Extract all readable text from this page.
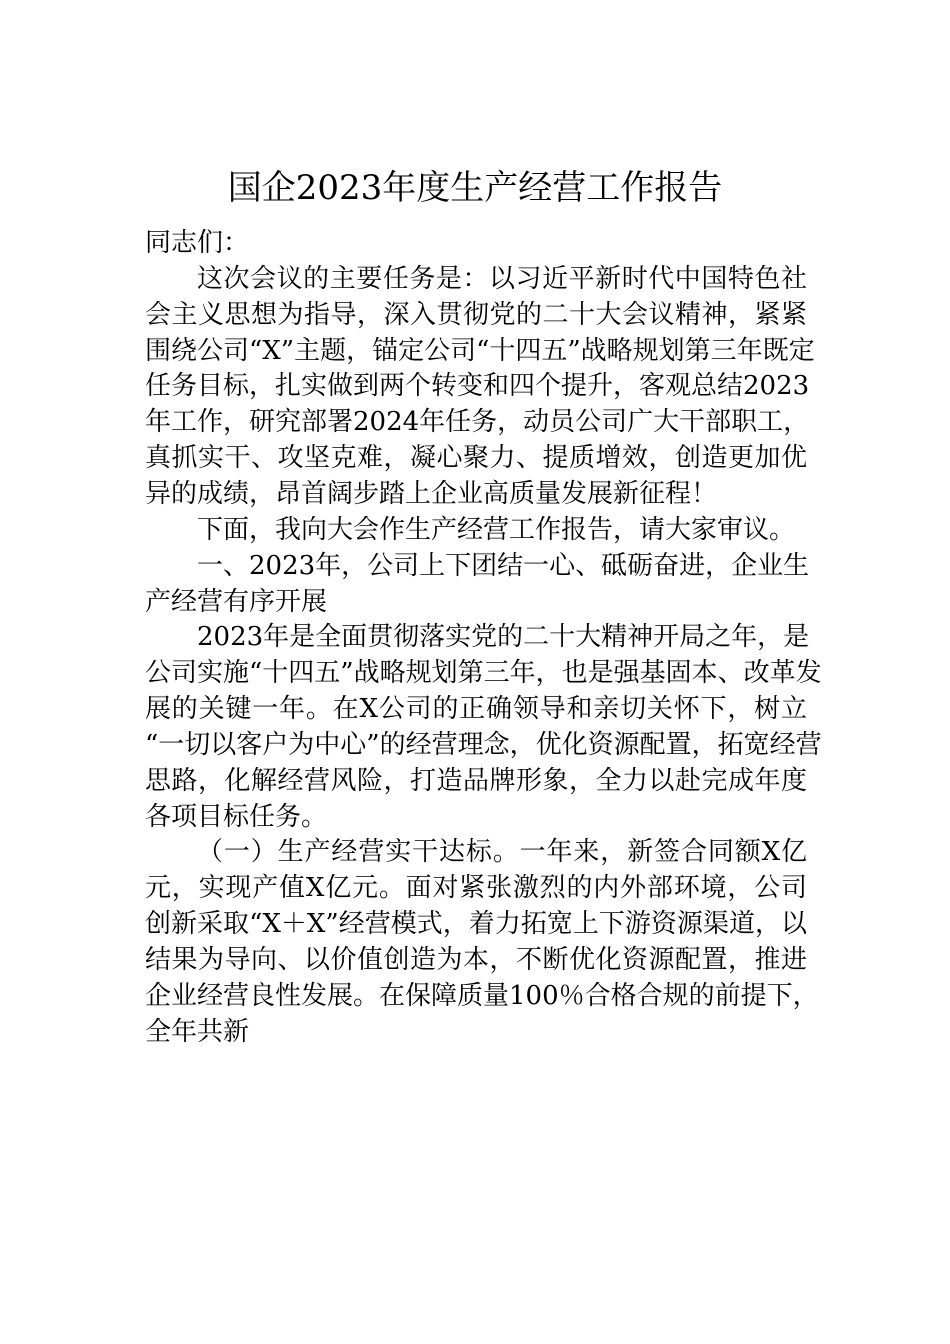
国企2023年度生产经营工作报告
同志们：
这次会议的主要任务是：以习近平新时代中国特色社
会主义思想为指导，深入贯彻党的二十大会议精神，紧紧
围绕公司“X”主题，锚定公司“十四五”战略规划第三年既定
任务目标，扎实做到两个转变和四个提升，客观总结2023
年工作，研究部署2024年任务，动员公司广大干部职工，
真抓实干、攻坚克难，凝心聚力、提质增效，创造更加优
异的成绩，昂首阔步踏上企业高质量发展新征程！
下面，我向大会作生产经营工作报告，请大家审议。
一、2023年，公司上下团结一心、砥砺奋进，企业生
产经营有序开展
2023年是全面贯彻落实党的二十大精神开局之年，是
公司实施“十四五”战略规划第三年，也是强基固本、改革发
展的关键一年。在X公司的正确领导和亲切关怀下，树立
“一切以客户为中心”的经营理念，优化资源配置，拓宽经营
思路，化解经营风险，打造品牌形象，全力以赴完成年度
各项目标任务。
（一）生产经营实干达标。一年来，新签合同额X亿
元，实现产值X亿元。面对紧张激烈的内外部环境，公司
创新采取“X＋X”经营模式，着力拓宽上下游资源渠道，以
结果为导向、以价值创造为本，不断优化资源配置，推进
企业经营良性发展。在保障质量100％合格合规的前提下，
全年共新
